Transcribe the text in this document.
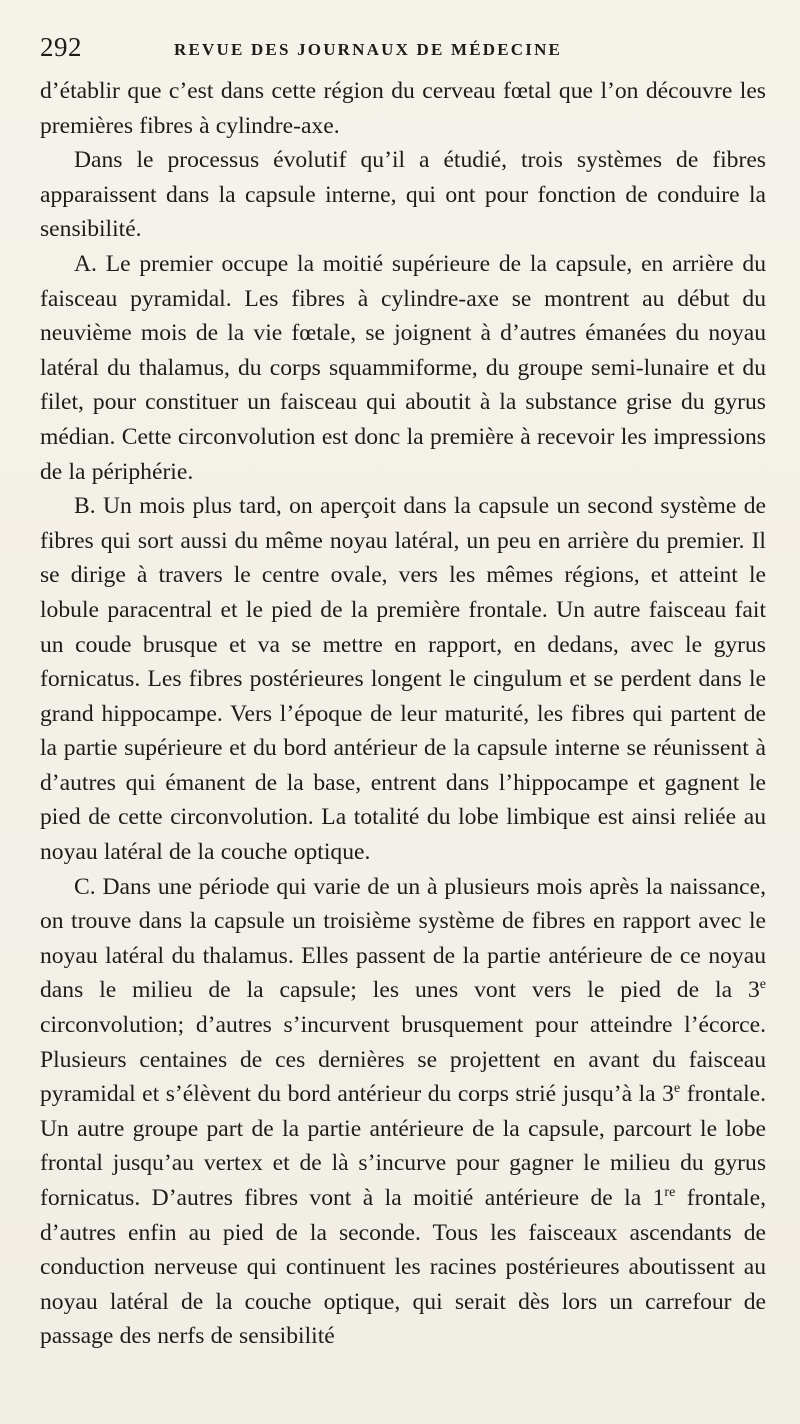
292	REVUE DES JOURNAUX DE MÉDECINE

d’établir que c’est dans cette région du cerveau fœtal que l’on découvre les premières fibres à cylindre-axe.

Dans le processus évolutif qu’il a étudié, trois systèmes de fibres apparaissent dans la capsule interne, qui ont pour fonction de conduire la sensibilité.

A. Le premier occupe la moitié supérieure de la capsule, en arrière du faisceau pyramidal. Les fibres à cylindre-axe se montrent au début du neuvième mois de la vie fœtale, se joignent à d’autres émanées du noyau latéral du thalamus, du corps squammiforme, du groupe semi-lunaire et du filet, pour constituer un faisceau qui aboutit à la substance grise du gyrus médian. Cette circonvolution est donc la première à recevoir les impressions de la périphérie.

B. Un mois plus tard, on aperçoit dans la capsule un second système de fibres qui sort aussi du même noyau latéral, un peu en arrière du premier. Il se dirige à travers le centre ovale, vers les mêmes régions, et atteint le lobule paracentral et le pied de la première frontale. Un autre faisceau fait un coude brusque et va se mettre en rapport, en dedans, avec le gyrus fornicatus. Les fibres postérieures longent le cingulum et se perdent dans le grand hippocampe. Vers l’époque de leur maturité, les fibres qui partent de la partie supérieure et du bord antérieur de la capsule interne se réunissent à d’autres qui émanent de la base, entrent dans l’hippocampe et gagnent le pied de cette circonvolution. La totalité du lobe limbique est ainsi reliée au noyau latéral de la couche optique.

C. Dans une période qui varie de un à plusieurs mois après la naissance, on trouve dans la capsule un troisième système de fibres en rapport avec le noyau latéral du thalamus. Elles passent de la partie antérieure de ce noyau dans le milieu de la capsule; les unes vont vers le pied de la 3e circonvolution; d’autres s’incurvent brusquement pour atteindre l’écorce. Plusieurs centaines de ces dernières se projettent en avant du faisceau pyramidal et s’élèvent du bord antérieur du corps strié jusqu’à la 3e frontale. Un autre groupe part de la partie antérieure de la capsule, parcourt le lobe frontal jusqu’au vertex et de là s’incurve pour gagner le milieu du gyrus fornicatus. D’autres fibres vont à la moitié antérieure de la 1re frontale, d’autres enfin au pied de la seconde. Tous les faisceaux ascendants de conduction nerveuse qui continuent les racines postérieures aboutissent au noyau latéral de la couche optique, qui serait dès lors un carrefour de passage des nerfs de sensibilité
